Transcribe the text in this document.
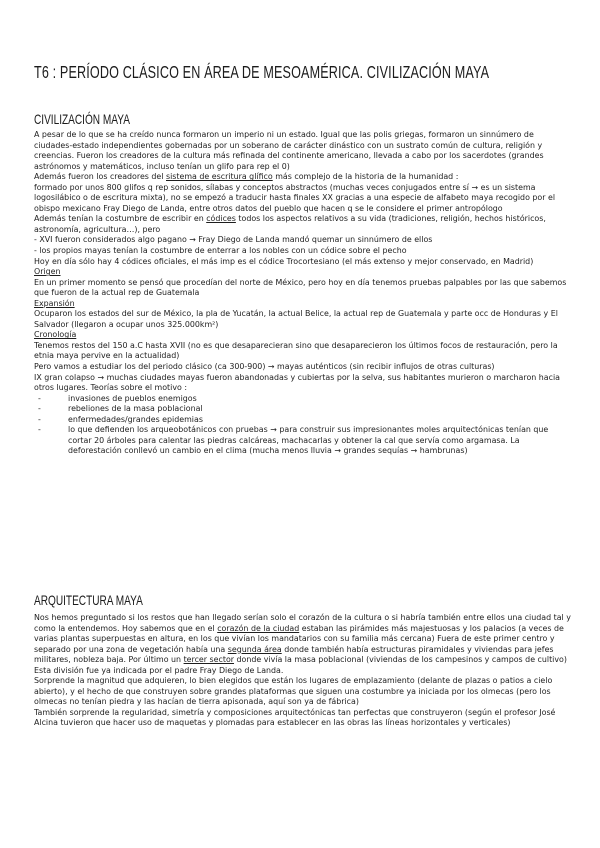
T6 : PERÍODO CLÁSICO EN ÁREA DE MESOAMÉRICA. CIVILIZACIÓN MAYA
CIVILIZACIÓN MAYA

A pesar de lo que se ha creído nunca formaron un imperio ni un estado. Igual que las polis griegas, formaron un sinnúmero de ciudades-estado independientes gobernadas por un soberano de carácter dinástico con un sustrato común de cultura, religión y creencias. Fueron los creadores de la cultura más refinada del continente americano, llevada a cabo por los sacerdotes (grandes astrónomos y matemáticos, incluso tenían un glifo para rep el 0)

Además fueron los creadores del sistema de escritura glífico más complejo de la historia de la humanidad :

formado por unos 800 glifos q rep sonidos, sílabas y conceptos abstractos (muchas veces conjugados entre sí → es un sistema logosilábico o de escritura mixta), no se empezó a traducir hasta finales XX gracias a una especie de alfabeto maya recogido por el obispo mexicano Fray Diego de Landa, entre otros datos del pueblo que hacen q se le considere el primer antropólogo

Además tenían la costumbre de escribir en códices todos los aspectos relativos a su vida (tradiciones, religión, hechos históricos, astronomía, agricultura…), pero

- XVI fueron considerados algo pagano → Fray Diego de Landa mandó quemar un sinnúmero de ellos

- los propios mayas tenían la costumbre de enterrar a los nobles con un códice sobre el pecho

Hoy en día sólo hay 4 códices oficiales, el más imp es el códice Trocortesiano (el más extenso y mejor conservado, en Madrid)

Origen

En un primer momento se pensó que procedían del norte de México, pero hoy en día tenemos pruebas palpables por las que sabemos que fueron de la actual rep de Guatemala

Expansión

Ocuparon los estados del sur de México, la pla de Yucatán, la actual Belice, la actual rep de Guatemala y parte occ de Honduras y El Salvador (llegaron a ocupar unos 325.000km²)

Cronología

Tenemos restos del 150 a.C hasta XVII (no es que desaparecieran sino que desaparecieron los últimos focos de restauración, pero la etnia maya pervive en la actualidad)

Pero vamos a estudiar los del periodo clásico (ca 300-900) → mayas auténticos (sin recibir influjos de otras culturas)

IX gran colapso → muchas ciudades mayas fueron abandonadas y cubiertas por la selva, sus habitantes murieron o marcharon hacia otros lugares. Teorías sobre el motivo :

- invasiones de pueblos enemigos
- rebeliones de la masa poblacional
- enfermedades/grandes epidemias
- lo que defienden los arqueobotánicos con pruebas → para construir sus impresionantes moles arquitectónicas tenían que cortar 20 árboles para calentar las piedras calcáreas, machacarlas y obtener la cal que servía como argamasa. La deforestación conllevó un cambio en el clima (mucha menos lluvia → grandes sequías → hambrunas)
ARQUITECTURA MAYA

Nos hemos preguntado si los restos que han llegado serían solo el corazón de la cultura o si habría también entre ellos una ciudad tal y como la entendemos. Hoy sabemos que en el corazón de la ciudad estaban las pirámides más majestuosas y los palacios (a veces de varias plantas superpuestas en altura, en los que vivían los mandatarios con su familia más cercana) Fuera de este primer centro y separado por una zona de vegetación había una segunda área donde también había estructuras piramidales y viviendas para jefes militares, nobleza baja. Por último un tercer sector donde vivía la masa poblacional (viviendas de los campesinos y campos de cultivo)

Esta división fue ya indicada por el padre Fray Diego de Landa.

Sorprende la magnitud que adquieren, lo bien elegidos que están los lugares de emplazamiento (delante de plazas o patios a cielo abierto), y el hecho de que construyen sobre grandes plataformas que siguen una costumbre ya iniciada por los olmecas (pero los olmecas no tenían piedra y las hacían de tierra apisonada, aquí son ya de fábrica)

También sorprende la regularidad, simetría y composiciones arquitectónicas tan perfectas que construyeron (según el profesor José Alcina tuvieron que hacer uso de maquetas y plomadas para establecer en las obras las líneas horizontales y verticales)
